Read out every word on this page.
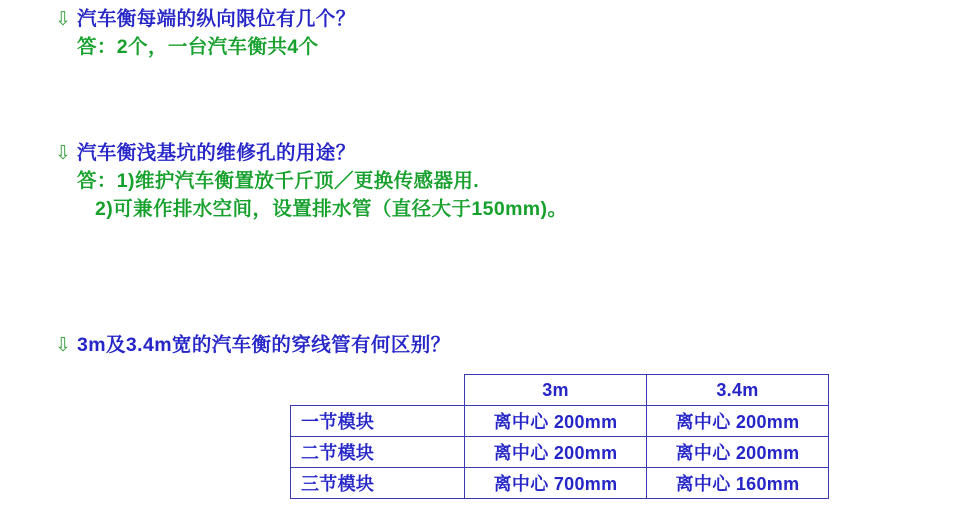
⇩ 汽车衡每端的纵向限位有几个？
答：2个，一台汽车衡共4个
⇩ 汽车衡浅基坑的维修孔的用途？
答：1)维护汽车衡置放千斤顶／更换传感器用.
2)可兼作排水空间，设置排水管（直径大于150mm)。
⇩ 3m及3.4m宽的汽车衡的穿线管有何区别？
	3m	3.4m
一节模块	离中心 200mm	离中心 200mm
二节模块	离中心 200mm	离中心 200mm
三节模块	离中心 700mm	离中心 160mm
